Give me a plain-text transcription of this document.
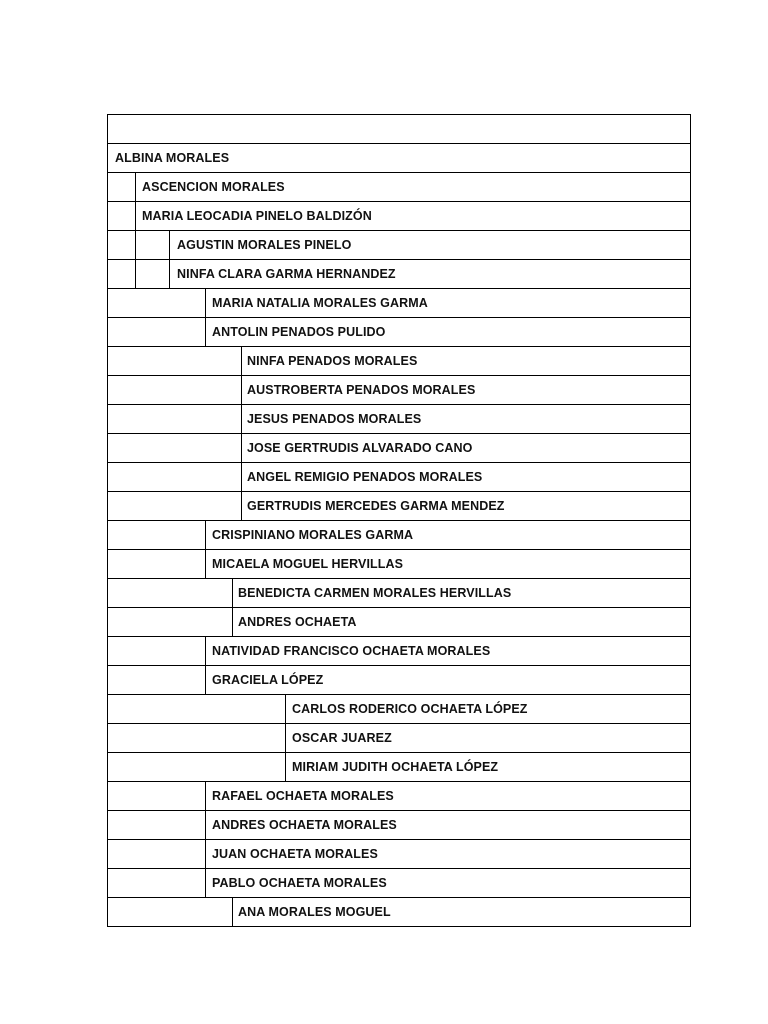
ALBINA MORALES
ASCENCION MORALES
MARIA LEOCADIA PINELO BALDIZÓN
AGUSTIN MORALES PINELO
NINFA CLARA GARMA HERNANDEZ
MARIA NATALIA MORALES GARMA
ANTOLIN PENADOS PULIDO
NINFA PENADOS MORALES
AUSTROBERTA PENADOS MORALES
JESUS PENADOS MORALES
JOSE GERTRUDIS ALVARADO CANO
ANGEL REMIGIO PENADOS MORALES
GERTRUDIS MERCEDES GARMA MENDEZ
CRISPINIANO MORALES GARMA
MICAELA MOGUEL HERVILLAS
BENEDICTA CARMEN MORALES HERVILLAS
ANDRES OCHAETA
NATIVIDAD FRANCISCO OCHAETA MORALES
GRACIELA LÓPEZ
CARLOS RODERICO OCHAETA LÓPEZ
OSCAR JUAREZ
MIRIAM JUDITH OCHAETA LÓPEZ
RAFAEL OCHAETA MORALES
ANDRES OCHAETA MORALES
JUAN OCHAETA MORALES
PABLO OCHAETA MORALES
ANA MORALES MOGUEL
